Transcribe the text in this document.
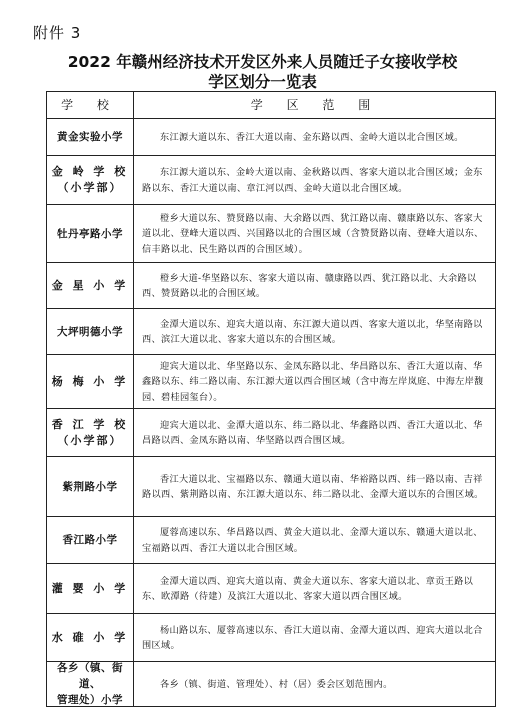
附件 3
2022 年赣州经济技术开发区外来人员随迁子女接收学校
学区划分一览表
学 校	学 区 范 围
黄金实验小学	东江源大道以东、香江大道以南、金东路以西、金岭大道以北合围区域。

金 岭 学 校
（小学部）

东江源大道以东、金岭大道以南、金秋路以西、客家大道以北合围区域；金东路以东、香江大道以南、章江河以西、金岭大道以北合围区域。

牡丹亭路小学

橙乡大道以东、赞贤路以南、大余路以西、犹江路以南、赣康路以东、客家大道以北、登峰大道以西、兴国路以北的合围区域（含赞贤路以南、登峰大道以东、信丰路以北、民生路以西的合围区域）。

金 星 小 学

橙乡大道-华坚路以东、客家大道以南、赣康路以西、犹江路以北、大余路以西、赞贤路以北的合围区域。

大坪明德小学

金潭大道以东、迎宾大道以南、东江源大道以西、客家大道以北，华坚南路以西、滨江大道以北、客家大道以东的合围区域。

杨 梅 小 学

迎宾大道以北、华坚路以东、金凤东路以北、华昌路以东、香江大道以南、华鑫路以东、纬二路以南、东江源大道以西合围区域（含中海左岸岚庭、中海左岸馥园、碧桂园玺台）。

香 江 学 校
（小学部）

迎宾大道以北、金潭大道以东、纬二路以北、华鑫路以西、香江大道以北、华昌路以西、金凤东路以南、华坚路以西合围区域。

紫荆路小学

香江大道以北、宝福路以东、赣通大道以南、华裕路以西、纬一路以南、吉祥路以西、紫荆路以南、东江源大道以东、纬二路以北、金潭大道以东的合围区域。

香江路小学

厦蓉高速以东、华昌路以西、黄金大道以北、金潭大道以东、赣通大道以北、宝福路以西、香江大道以北合围区域。

灌 婴 小 学

金潭大道以西、迎宾大道以南、黄金大道以东、客家大道以北、章贡王路以东、欧潭路（待建）及滨江大道以北、客家大道以西合围区域。

水 碓 小 学

杨山路以东、厦蓉高速以东、香江大道以南、金潭大道以西、迎宾大道以北合围区域。

各乡（镇、街道、
管理处）小学

各乡（镇、街道、管理处）、村（居）委会区划范围内。
